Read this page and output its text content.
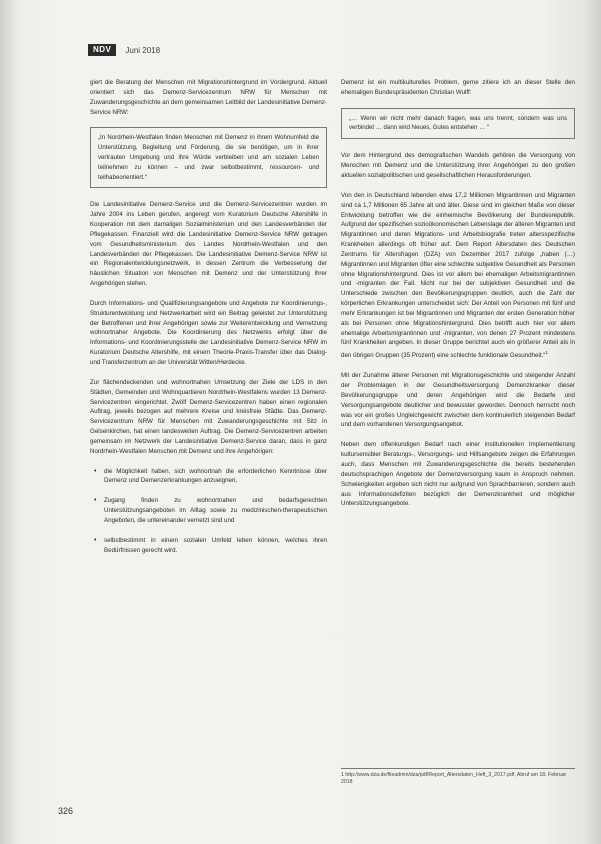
NDV	Juni 2018

giert die Beratung der Menschen mit Migrationshintergrund im Vordergrund. Aktuell orientiert sich das Demenz-Servicezentrum NRW für Menschen mit Zuwanderungsgeschichte an dem gemeinsamen Leitbild der Landesinitiative Demenz-Service NRW:

„In Nordrhein-Westfalen finden Menschen mit Demenz in ihrem Wohnumfeld die Unterstützung, Begleitung und Förderung, die sie benötigen, um in ihrer vertrauten Umgebung und ihre Würde verbleiben und am sozialen Leben teilnehmen zu können – und zwar selbstbestimmt, ressourcen- und teilhabeorientiert.“

Die Landesinitiative Demenz-Service und die Demenz-Servicezentren wurden im Jahre 2004 ins Leben gerufen, angeregt vom Kuratorium Deutsche Altershilfe in Kooperation mit dem damaligen Sozialministerium und den Landesverbänden der Pflegekassen. Finanziell wird die Landesinitiative Demenz-Service NRW getragen vom Gesundheitsministerium des Landes Nordrhein-Westfalen und den Landesverbänden der Pflegekassen. Die Landesinitiative Demenz-Service NRW ist ein Regionalentwicklungsnetzwerk, in dessen Zentrum die Verbesserung der häuslichen Situation von Menschen mit Demenz und der Unterstützung ihrer Angehörigen stehen.

Durch Informations- und Qualifizierungsangebote und Angebote zur Koordinierungs-, Strukturentwicklung und Netzwerkarbeit wird ein Beitrag geleistet zur Unterstützung der Betroffenen und ihrer Angehörigen sowie zur Weiterentwicklung und Vernetzung wohnortnaher Angebote. Die Koordinierung des Netzwerks erfolgt über die Informations- und Koordinierungsstelle der Landesinitiative Demenz-Service NRW im Kuratorium Deutsche Altershilfe, mit einem Theorie-Praxis-Transfer über das Dialog- und Transferzentrum an der Universität Witten/Herdecke.

Zur flächendeckenden und wohnortnahen Umsetzung der Ziele der LDS in den Städten, Gemeinden und Wohnquartieren Nordrhein-Westfalens wurden 13 Demenz-Servicezentren eingerichtet. Zwölf Demenz-Servicezentren haben einen regionalen Auftrag, jeweils bezogen auf mehrere Kreise und kreisfreie Städte. Das Demenz-Servicezentrum NRW für Menschen mit Zuwanderungsgeschichte mit Sitz in Gelsenkirchen, hat einen landesweiten Auftrag. Die Demenz-Servicezentren arbeiten gemeinsam im Netzwerk der Landesinitiative Demenz-Service daran, dass in ganz Nordrhein-Westfalen Menschen mit Demenz und ihre Angehörigen:

• die Möglichkeit haben, sich wohnortnah die erforderlichen Kenntnisse über Demenz und Demenzerkrankungen anzueignen,
• Zugang finden zu wohnortnahen und bedarfsgerechten Unterstützungsangeboten im Alltag sowie zu medizinischen-therapeutischen Angeboten, die untereinander vernetzt sind und
• selbstbestimmt in einem sozialen Umfeld leben können, welches ihren Bedürfnissen gerecht wird.

Demenz ist ein multikulturelles Problem, gerne zitiere ich an dieser Stelle den ehemaligen Bundespräsidenten Christian Wulff:

„… Wenn wir nicht mehr danach fragen, was uns trennt, sondern was uns verbindet … dann wird Neues, Gutes entstehen … “

Vor dem Hintergrund des demografischen Wandels gehören die Versorgung von Menschen mit Demenz und die Unterstützung ihrer Angehörigen zu den großen aktuellen sozialpolitischen und gesellschaftlichen Herausforderungen.

Von den in Deutschland lebenden etwa 17,2 Millionen Migrantinnen und Migranten sind ca 1,7 Millionen 65 Jahre alt und älter. Diese sind im gleichen Maße von dieser Entwicklung betroffen wie die einheimische Bevölkerung der Bundesrepublik. Aufgrund der spezifischen sozioökonomischen Lebenslage der älteren Migranten und Migrantinnen und deren Migrations- und Arbeitsbiografie treten altersspezifische Krankheiten allerdings oft früher auf. Dem Report Altersdaten des Deutschen Zentrums für Altersfragen (DZA) von Dezember 2017 zufolge „haben (…) Migrantinnen und Migranten öfter eine schlechte subjektive Gesundheit als Personen ohne Migrationshintergrund. Dies ist vor allem bei ehemaligen Arbeitsmigrantinnen und -migranten der Fall. Nicht nur bei der subjektiven Gesundheit und die Unterschiede zwischen den Bevölkerungsgruppen deutlich, auch die Zahl der körperlichen Erkrankungen unterscheidet sich: Der Anteil von Personen mit fünf und mehr Erkrankungen ist bei Migrantinnen und Migranten der ersten Generation höher als bei Personen ohne Migrationshintergrund. Dies betrifft auch hier vor allem ehemalige Arbeitsmigrantinnen und -migranten, von denen 27 Prozent mindestens fünf Krankheiten angeben. In dieser Gruppe berichtet auch ein größerer Anteil als in den übrigen Gruppen (35 Prozent) eine schlechte funktionale Gesundheit.“$^1$

Mit der Zunahme älterer Personen mit Migrationsgeschichte und steigender Anzahl der Problemlagen in der Gesundheitsversorgung Demenzkranker dieser Bevölkerungsgruppe und deren Angehörigen wird die Bedarfe und Versorgungsangebote deutlicher und bewusster geworden. Dennoch herrscht noch was vor ein großes Ungleichgewicht zwischen dem kontinuierlich steigenden Bedarf und dem vorhandenen Versorgungsangebot.

Neben dem offenkundigen Bedarf nach einer institutionellen Implementierung kultursensibler Beratungs-, Versorgungs- und Hilfsangebote zeigen die Erfahrungen auch, dass Menschen mit Zuwanderungsgeschichte die bereits bestehenden deutschsprachigen Angebote der Demenzversorgung kaum in Anspruch nehmen. Schwierigkeiten ergeben sich nicht nur aufgrund von Sprachbarrieren, sondern auch aus Informationsdefiziten bezüglich der Demenzkrankheit und möglicher Unterstützungsangebote.

1 http://www.dza.de/fileadmin/dza/pdf/Report_Altersdaten_Heft_3_2017.pdf, Abruf am 18. Februar 2018
326
